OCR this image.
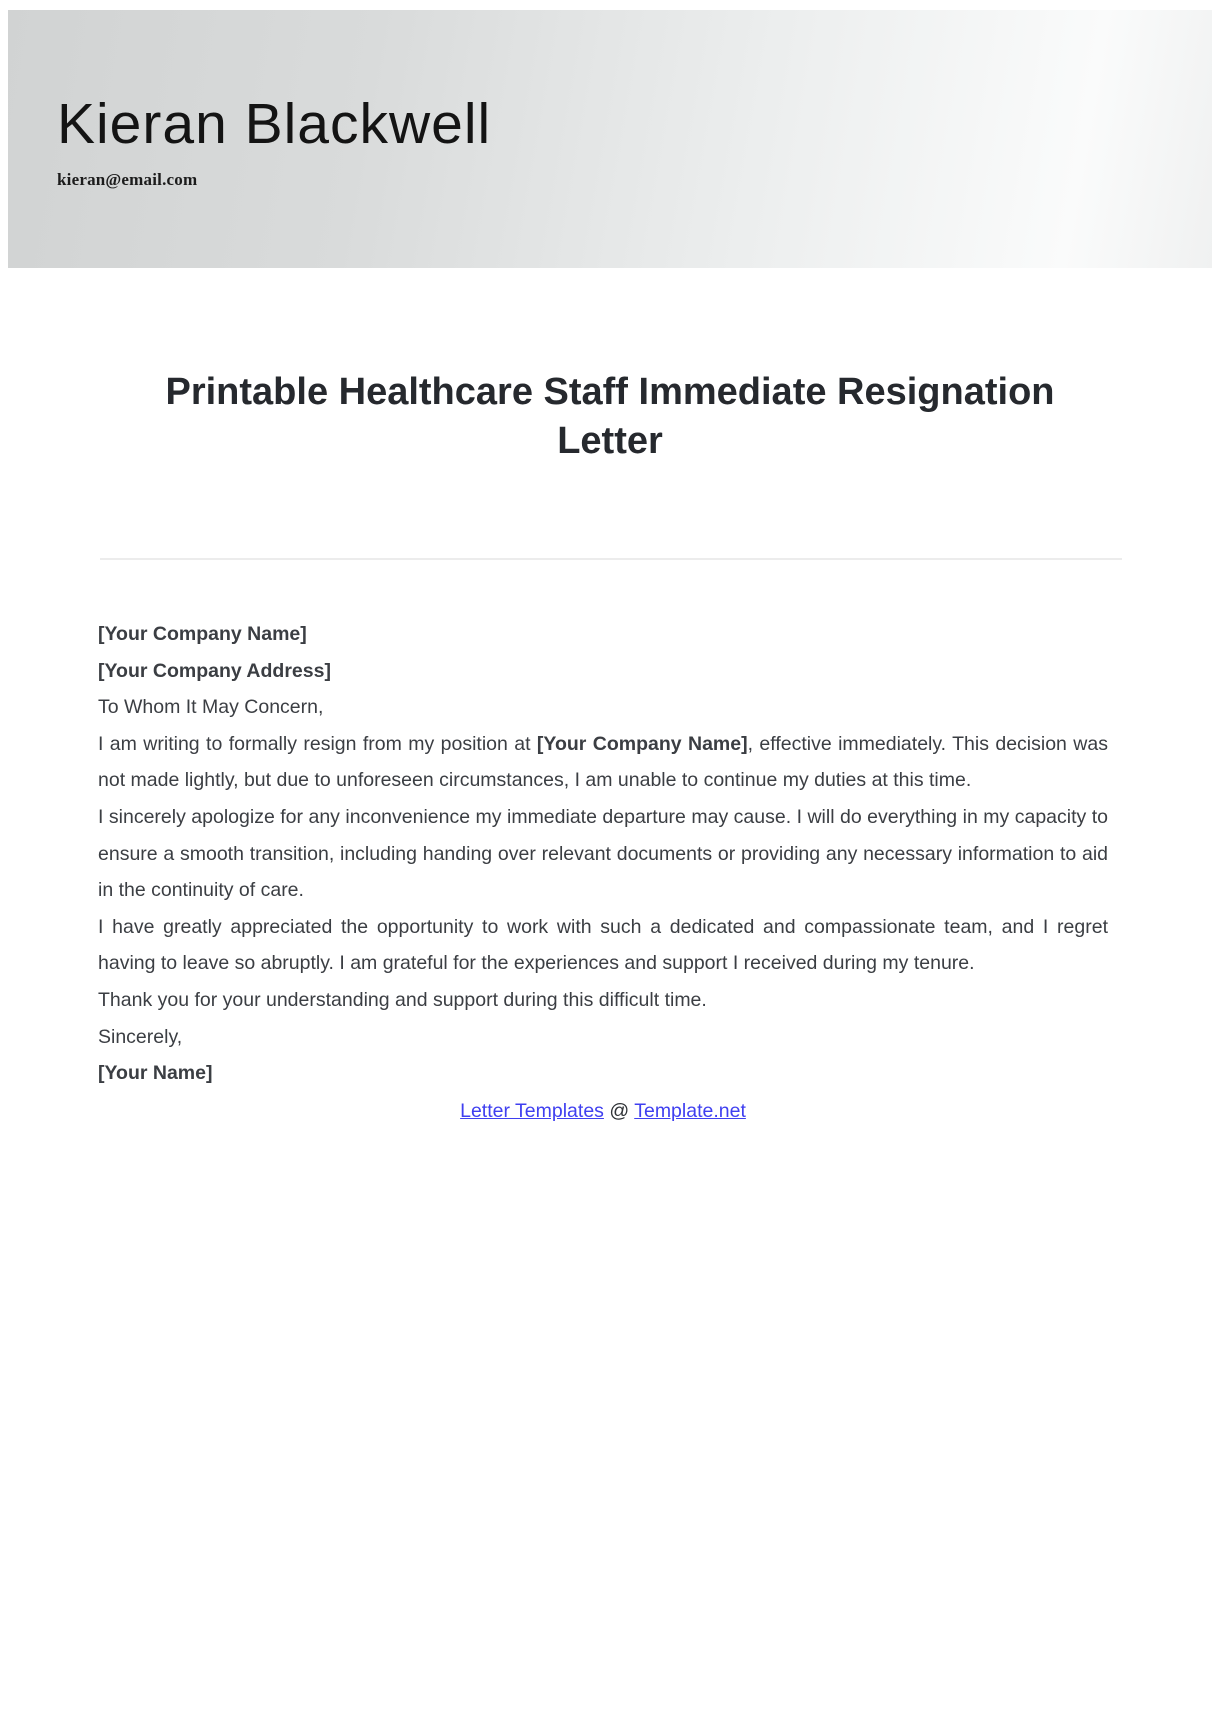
Kieran Blackwell
kieran@email.com
Printable Healthcare Staff Immediate Resignation Letter

[Your Company Name]

[Your Company Address]

To Whom It May Concern,

I am writing to formally resign from my position at [Your Company Name], effective immediately. This decision was not made lightly, but due to unforeseen circumstances, I am unable to continue my duties at this time.

I sincerely apologize for any inconvenience my immediate departure may cause. I will do everything in my capacity to ensure a smooth transition, including handing over relevant documents or providing any necessary information to aid in the continuity of care.

I have greatly appreciated the opportunity to work with such a dedicated and compassionate team, and I regret having to leave so abruptly. I am grateful for the experiences and support I received during my tenure.

Thank you for your understanding and support during this difficult time.

Sincerely,

[Your Name]

Letter Templates @ Template.net
